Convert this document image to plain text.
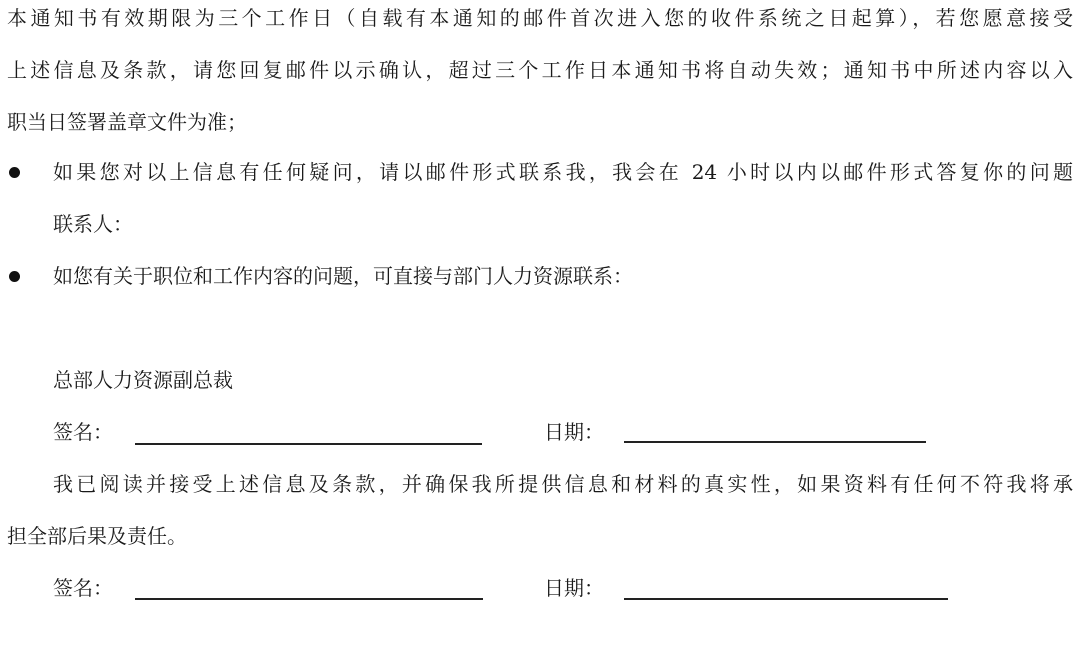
本通知书有效期限为三个工作日（自载有本通知的邮件首次进入您的收件系统之日起算），若您愿意接受
上述信息及条款，请您回复邮件以示确认，超过三个工作日本通知书将自动失效；通知书中所述内容以入
职当日签署盖章文件为准；
如果您对以上信息有任何疑问，请以邮件形式联系我，我会在 24 小时以内以邮件形式答复你的问题
联系人：
如您有关于职位和工作内容的问题，可直接与部门人力资源联系：
总部人力资源副总裁
签名：	日期：
我已阅读并接受上述信息及条款，并确保我所提供信息和材料的真实性，如果资料有任何不符我将承
担全部后果及责任。
签名：	日期：
